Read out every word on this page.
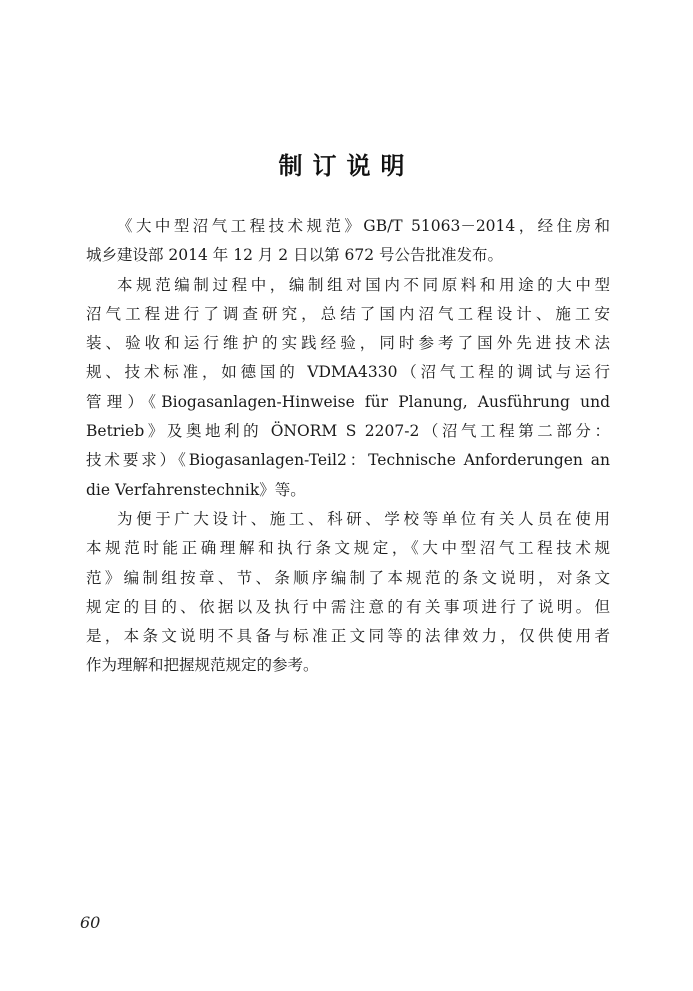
制订说明
《大中型沼气工程技术规范》GB/T 51063－2014，经住房和
城乡建设部 2014 年 12 月 2 日以第 672 号公告批准发布。
本规范编制过程中，编制组对国内不同原料和用途的大中型
沼气工程进行了调查研究，总结了国内沼气工程设计、施工安
装、验收和运行维护的实践经验，同时参考了国外先进技术法
规、技术标准，如德国的 VDMA4330（沼气工程的调试与运行
管理）《Biogasanlagen-Hinweise für Planung, Ausführung und
Betrieb》及奥地利的 ÖNORM S 2207-2（沼气工程第二部分：
技术要求）《Biogasanlagen-Teil2：Technische Anforderungen an
die Verfahrenstechnik》等。
为便于广大设计、施工、科研、学校等单位有关人员在使用
本规范时能正确理解和执行条文规定，《大中型沼气工程技术规
范》编制组按章、节、条顺序编制了本规范的条文说明，对条文
规定的目的、依据以及执行中需注意的有关事项进行了说明。但
是，本条文说明不具备与标准正文同等的法律效力，仅供使用者
作为理解和把握规范规定的参考。
60
